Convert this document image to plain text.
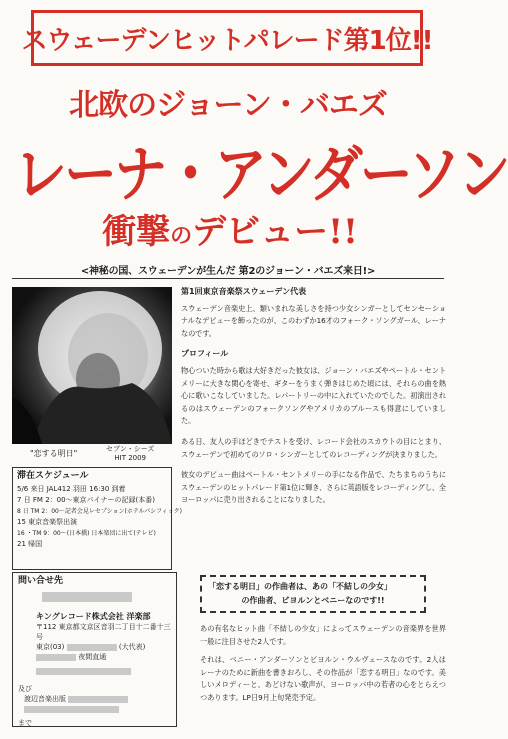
スウェーデンヒットパレード第1位!!
北欧のジョーン・バエズ
レーナ・アンダーソン
衝撃のデビュー!!
<神秘の国、スウェーデンが生んだ 第2のジョーン・バエズ来日!>
"恋する明日"	セブン・シーズ
HIT 2009
滞在スケジュール
5/6 来日 JAL412 羽田 16:30 到着
7 日 FM 2：00〜東京パイナーの記録(本番)
8 日 TM 2：00〜記者会見レセプション(ホテルパシフィック)
15 東京音楽祭出演
16 ・TM 9：00〜(日本橋) 日本楽団に出て(テレビ)
21 帰国
問い合せ先
キングレコード株式会社 洋楽部
〒112 東京都文京区音羽二丁目十二番十三号
東京(03)	(大代表)
夜間直通
及び
渡辺音楽出版
まで
第1回東京音楽祭スウェーデン代表

スウェーデン音楽史上、類いまれな美しさを持つ少女シンガーとしてセンセーショナルなデビューを飾ったのが、このわずか16才のフォーク・ソングガール、レーナなのです。

プロフィール

物心ついた時から歌は大好きだった彼女は、ジョーン・バエズやペートル・セントメリーに大きな関心を寄せ、ギターをうまく弾きはじめた頃には、それらの曲を熱心に歌いこなしていました。レパートリーの中に入れていたのでした。初演出されるのはスウェーデンのフォークソングやアメリカのブルースも得意にしていました。

ある日、友人の手ほどきでテストを受け、レコード会社のスカウトの目にとまり、スウェーデンで初めてのソロ・シンガーとしてのレコーディングが決まりました。

彼女のデビュー曲はペートル・セントメリーの手になる作品で、たちまちのうちにスウェーデンのヒットパレード第1位に輝き、さらに英語版をレコーディングし、全ヨーロッパに売り出されることになりました。

「恋する明日」の作曲者は、あの「不結しの少女」
の作曲者、ビヨルンとベニーなのです!!
あの有名なヒット曲「不結しの少女」によってスウェーデンの音楽界を世界一般に注目させた2人です。
それは、ベニー・アンダーソンとビヨルン・ウルヴェースなのです。2人はレーナのために新曲を書きおろし、その作品が「恋する明日」なのです。美しいメロディーと、あどけない歌声が、ヨーロッパ中の若者の心をとらえつつあります。LP日9月上旬発売予定。
